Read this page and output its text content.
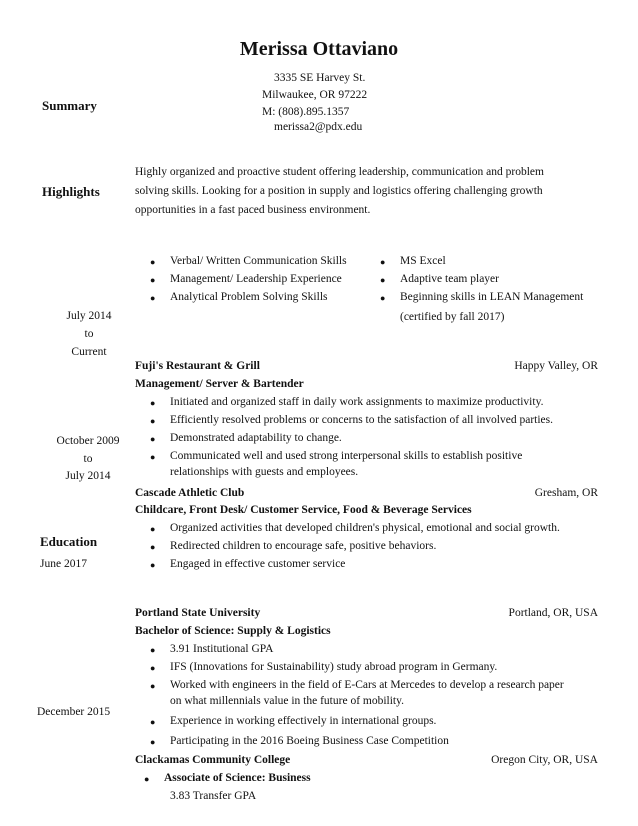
Merissa Ottaviano
3335 SE Harvey St.
Milwaukee, OR 97222
M: (808).895.1357
merissa2@pdx.edu
Summary
Highlights
Education
Highly organized and proactive student offering leadership, communication and problem
solving skills. Looking for a position in supply and logistics offering challenging growth
opportunities in a fast paced business environment.
● Verbal/ Written Communication Skills
● Management/ Leadership Experience
● Analytical Problem Solving Skills
● MS Excel
● Adaptive team player
● Beginning skills in LEAN Management
(certified by fall 2017)
July 2014
to
Current
Fuji's Restaurant & Grill	Happy Valley, OR
Management/ Server & Bartender
● Initiated and organized staff in daily work assignments to maximize productivity.
● Efficiently resolved problems or concerns to the satisfaction of all involved parties.
● Demonstrated adaptability to change.
● Communicated well and used strong interpersonal skills to establish positive
relationships with guests and employees.
October 2009
to
July 2014
Cascade Athletic Club	Gresham, OR
Childcare, Front Desk/ Customer Service, Food & Beverage Services
● Organized activities that developed children's physical, emotional and social growth.
● Redirected children to encourage safe, positive behaviors.
● Engaged in effective customer service
June 2017
December 2015
Portland State University	Portland, OR, USA
Bachelor of Science: Supply & Logistics
● 3.91 Institutional GPA
● IFS (Innovations for Sustainability) study abroad program in Germany.
● Worked with engineers in the field of E-Cars at Mercedes to develop a research paper
on what millennials value in the future of mobility.
● Experience in working effectively in international groups.
● Participating in the 2016 Boeing Business Case Competition
Clackamas Community College	Oregon City, OR, USA
● Associate of Science: Business
3.83 Transfer GPA
